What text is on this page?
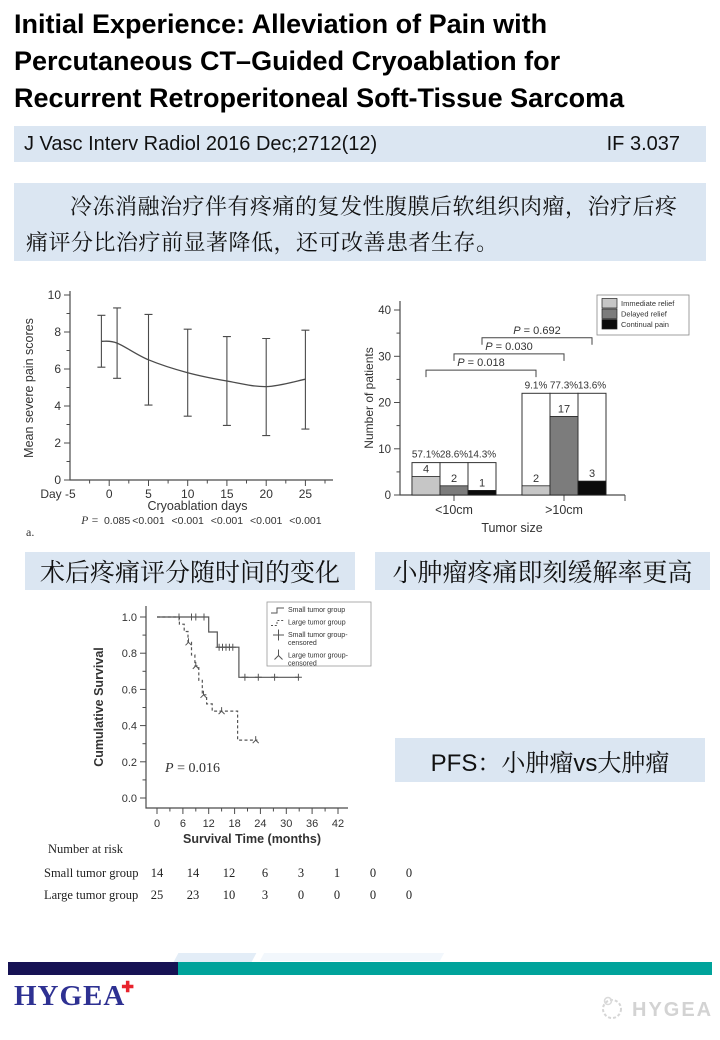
Initial Experience: Alleviation of Pain with
Percutaneous CT–Guided Cryoablation for
Recurrent Retroperitoneal Soft-Tissue Sarcoma
J Vasc Interv Radiol 2016 Dec;2712(12)	IF 3.037
冷冻消融治疗伴有疼痛的复发性腹膜后软组织肉瘤，治疗后疼痛评分比治疗前显著降低，还可改善患者生存。
0	5 10 15 20 25
0
2
4
6
8
10
Day -5
Mean severe pain scores
Cryoablation days
P = 0.085 <0.001 <0.001 <0.001 <0.001 <0.001
a.
0
10
20
30
40
<10cm
4
57.1%
2
28.6%
1
14.3%
>10cm
2
9.1%
17
77.3%
3
13.6%
P = 0.018
P = 0.030
P = 0.692
Immediate relief
Delayed relief
Continual pain
Number of patients
Tumor size
术后疼痛评分随时间的变化	小肿瘤疼痛即刻缓解率更高
0.0
0.2
0.4
0.6
0.8
1.0
0 6 12 18 24 30 36 42
Small tumor group
Large tumor group
Small tumor group-
censored
Large tumor group-
censored
P = 0.016
Cumulative Survival
Survival Time (months)
Number at risk
Small tumor group 14	14	12	6	3	1	0	0
Large tumor group	25	23	10	3	0	0	0	0
PFS：小肿瘤vs大肿瘤
HYGEA✚
HYGEA
